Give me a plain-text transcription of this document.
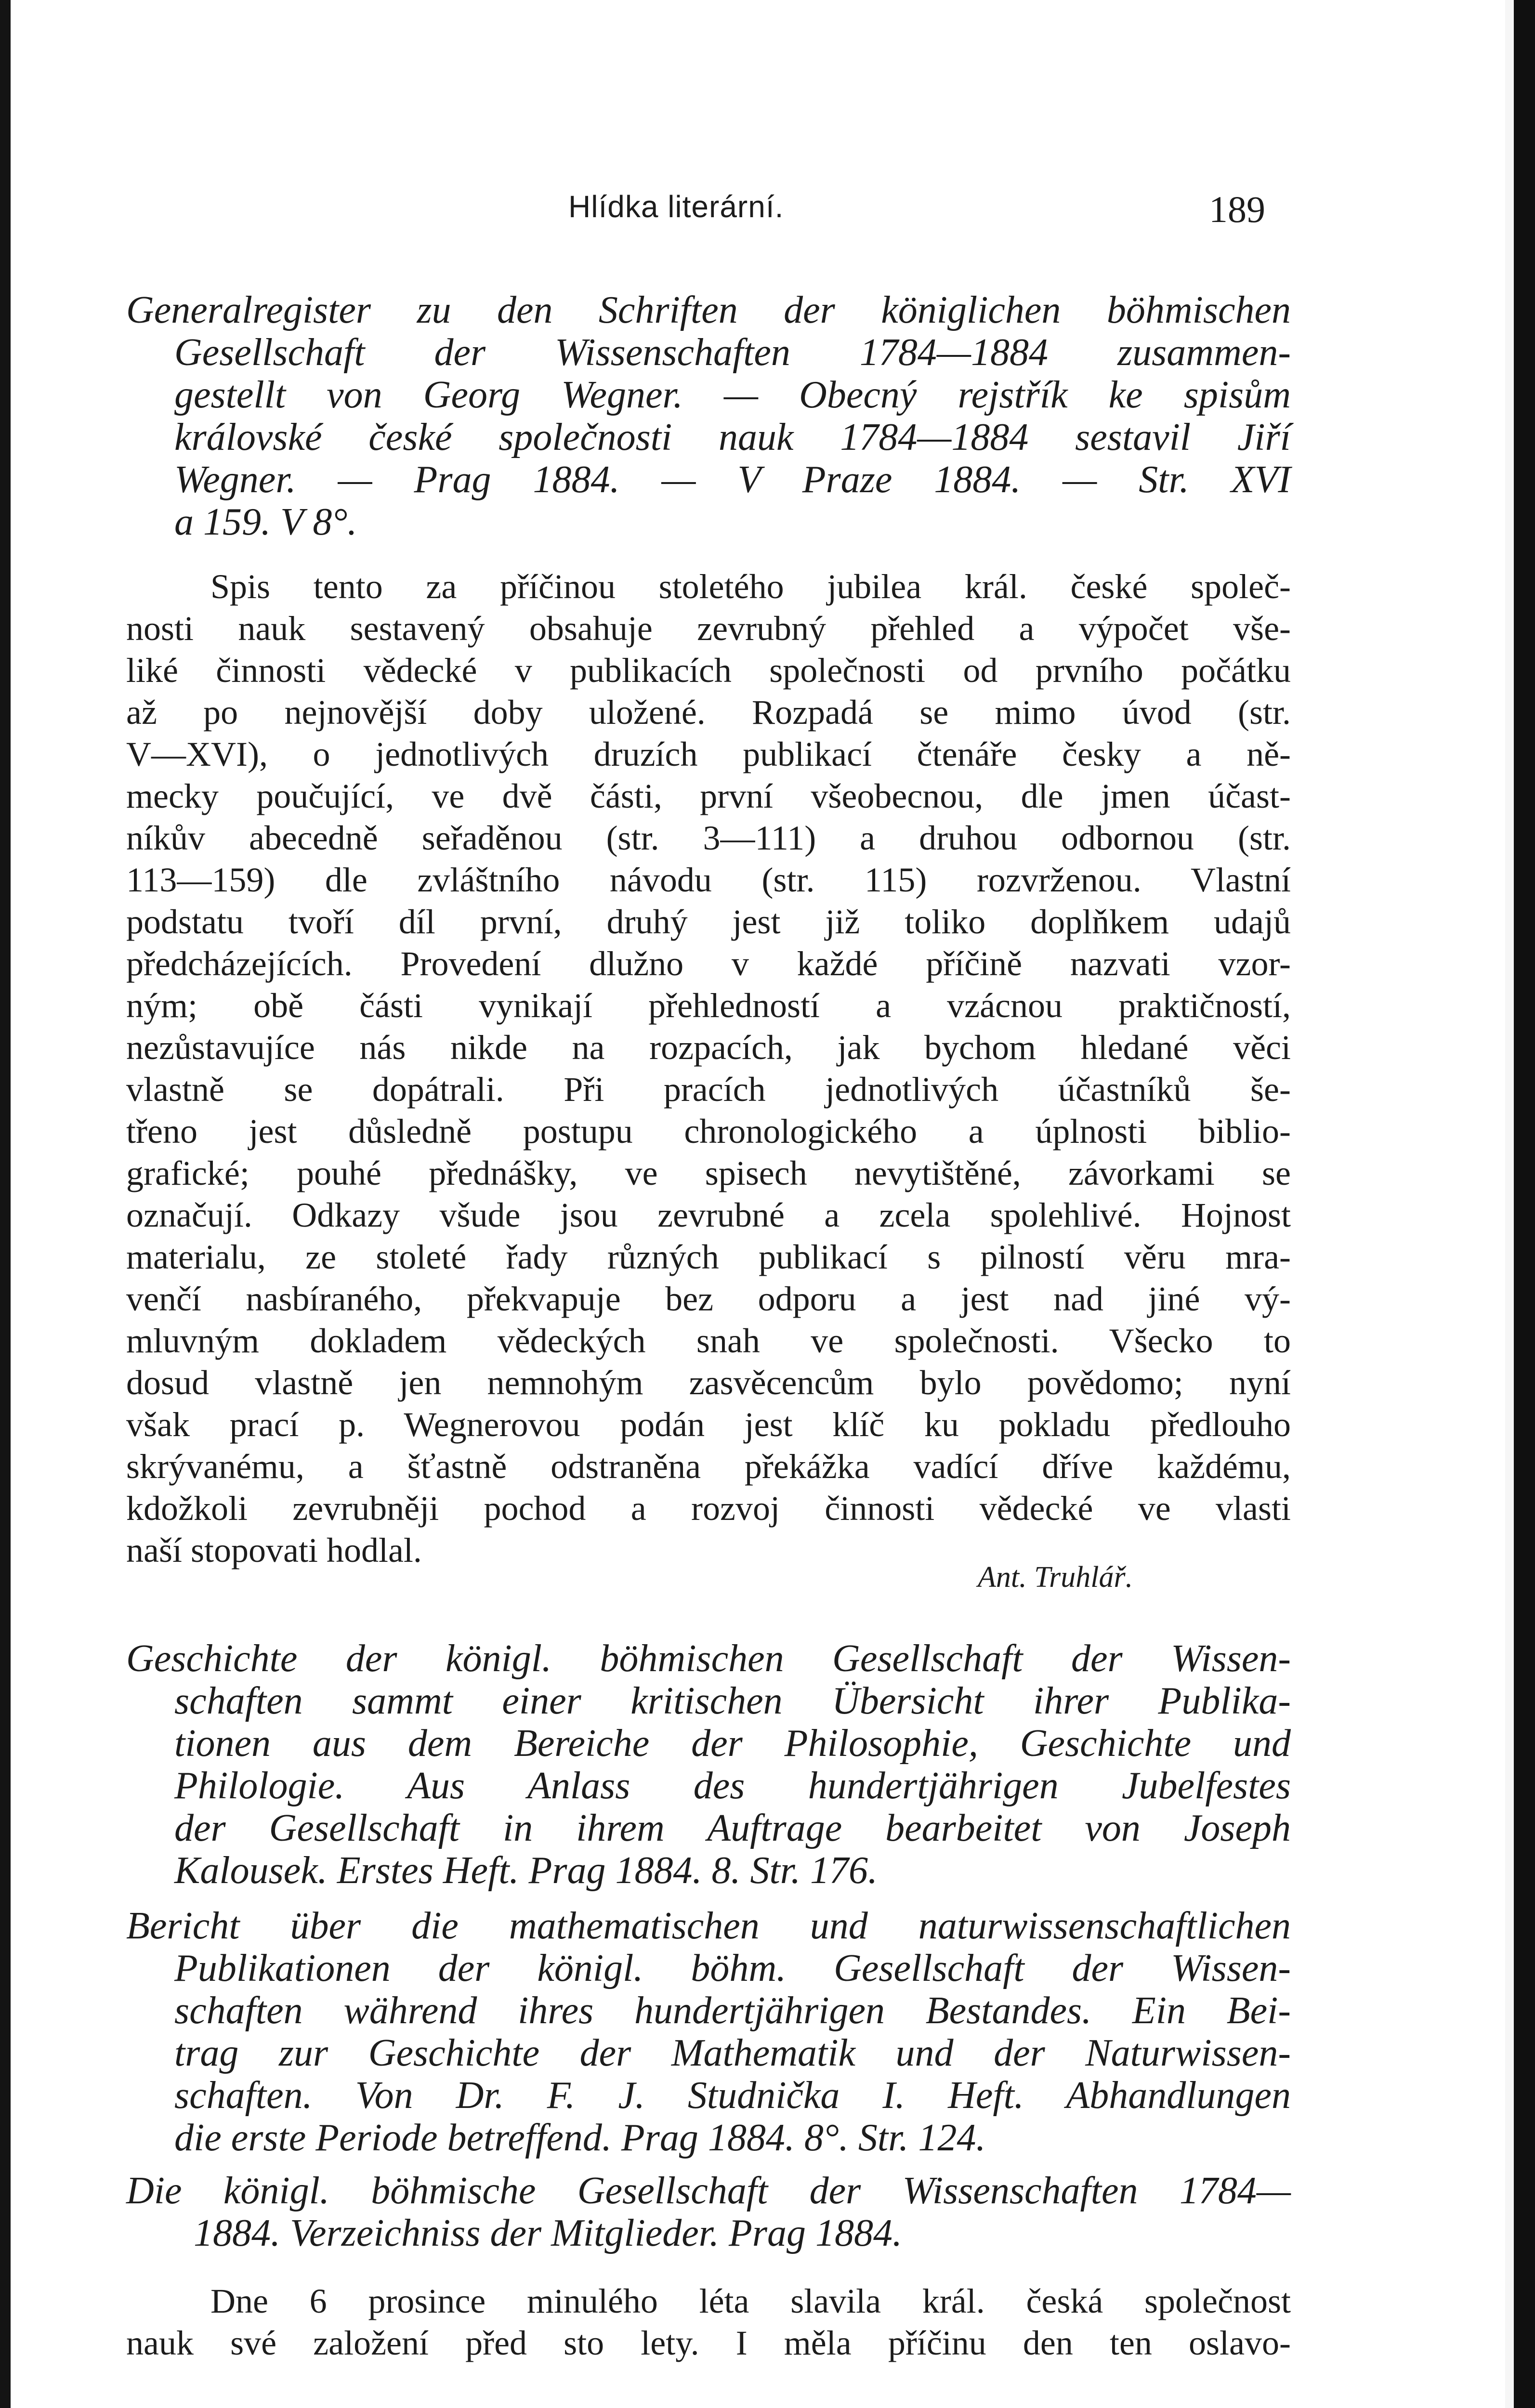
Hlídka literární.	189
Generalregister zu den Schriften der königlichen böhmischen
Gesellschaft der Wissenschaften 1784—1884 zusammen-
gestellt von Georg Wegner. — Obecný rejstřík ke spisům
královské české společnosti nauk 1784—1884 sestavil Jiří
Wegner. — Prag 1884. — V Praze 1884. — Str. XVI
a 159. V 8°.
Spis tento za příčinou stoletého jubilea král. české společ-
nosti nauk sestavený obsahuje zevrubný přehled a výpočet vše-
liké činnosti vědecké v publikacích společnosti od prvního počátku
až po nejnovější doby uložené. Rozpadá se mimo úvod (str.
V—XVI), o jednotlivých druzích publikací čtenáře česky a ně-
mecky poučující, ve dvě části, první všeobecnou, dle jmen účast-
níkův abecedně seřaděnou (str. 3—111) a druhou odbornou (str.
113—159) dle zvláštního návodu (str. 115) rozvrženou. Vlastní
podstatu tvoří díl první, druhý jest již toliko doplňkem udajů
předcházejících. Provedení dlužno v každé příčině nazvati vzor-
ným; obě části vynikají přehledností a vzácnou praktičností,
nezůstavujíce nás nikde na rozpacích, jak bychom hledané věci
vlastně se dopátrali. Při pracích jednotlivých účastníků še-
třeno jest důsledně postupu chronologického a úplnosti biblio-
grafické; pouhé přednášky, ve spisech nevytištěné, závorkami se
označují. Odkazy všude jsou zevrubné a zcela spolehlivé. Hojnost
materialu, ze stoleté řady různých publikací s pilností věru mra-
venčí nasbíraného, překvapuje bez odporu a jest nad jiné vý-
mluvným dokladem vědeckých snah ve společnosti. Všecko to
dosud vlastně jen nemnohým zasvěcencům bylo povědomo; nyní
však prací p. Wegnerovou podán jest klíč ku pokladu předlouho
skrývanému, a šťastně odstraněna překážka vadící dříve každému,
kdožkoli zevrubněji pochod a rozvoj činnosti vědecké ve vlasti
naší stopovati hodlal.
Ant. Truhlář.
Geschichte der königl. böhmischen Gesellschaft der Wissen-
schaften sammt einer kritischen Übersicht ihrer Publika-
tionen aus dem Bereiche der Philosophie, Geschichte und
Philologie. Aus Anlass des hundertjährigen Jubelfestes
der Gesellschaft in ihrem Auftrage bearbeitet von Joseph
Kalousek. Erstes Heft. Prag 1884. 8. Str. 176.
Bericht über die mathematischen und naturwissenschaftlichen
Publikationen der königl. böhm. Gesellschaft der Wissen-
schaften während ihres hundertjährigen Bestandes. Ein Bei-
trag zur Geschichte der Mathematik und der Naturwissen-
schaften. Von Dr. F. J. Studnička I. Heft. Abhandlungen
die erste Periode betreffend. Prag 1884. 8°. Str. 124.
Die königl. böhmische Gesellschaft der Wissenschaften 1784—
1884. Verzeichniss der Mitglieder. Prag 1884.
Dne 6 prosince minulého léta slavila král. česká společnost
nauk své založení před sto lety. I měla příčinu den ten oslavo-
